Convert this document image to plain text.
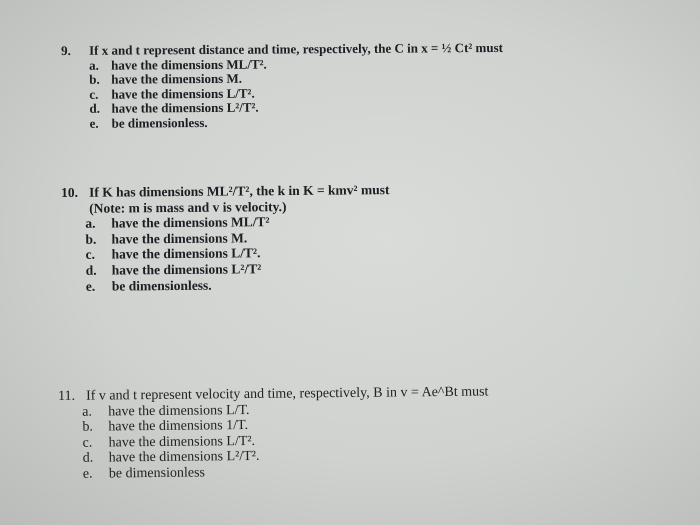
9. If x and t represent distance and time, respectively, the C in x = ½ Ct² must
a. have the dimensions ML/T².
b. have the dimensions M.
c. have the dimensions L/T².
d. have the dimensions L²/T².
e. be dimensionless.
10. If K has dimensions ML²/T², the k in K = kmv² must
(Note: m is mass and v is velocity.)
a. have the dimensions ML/T²
b. have the dimensions M.
c. have the dimensions L/T².
d. have the dimensions L²/T²
e. be dimensionless.
11. If v and t represent velocity and time, respectively, B in v = Ae^Bt must
a. have the dimensions L/T.
b. have the dimensions 1/T.
c. have the dimensions L/T².
d. have the dimensions L²/T².
e. be dimensionless
